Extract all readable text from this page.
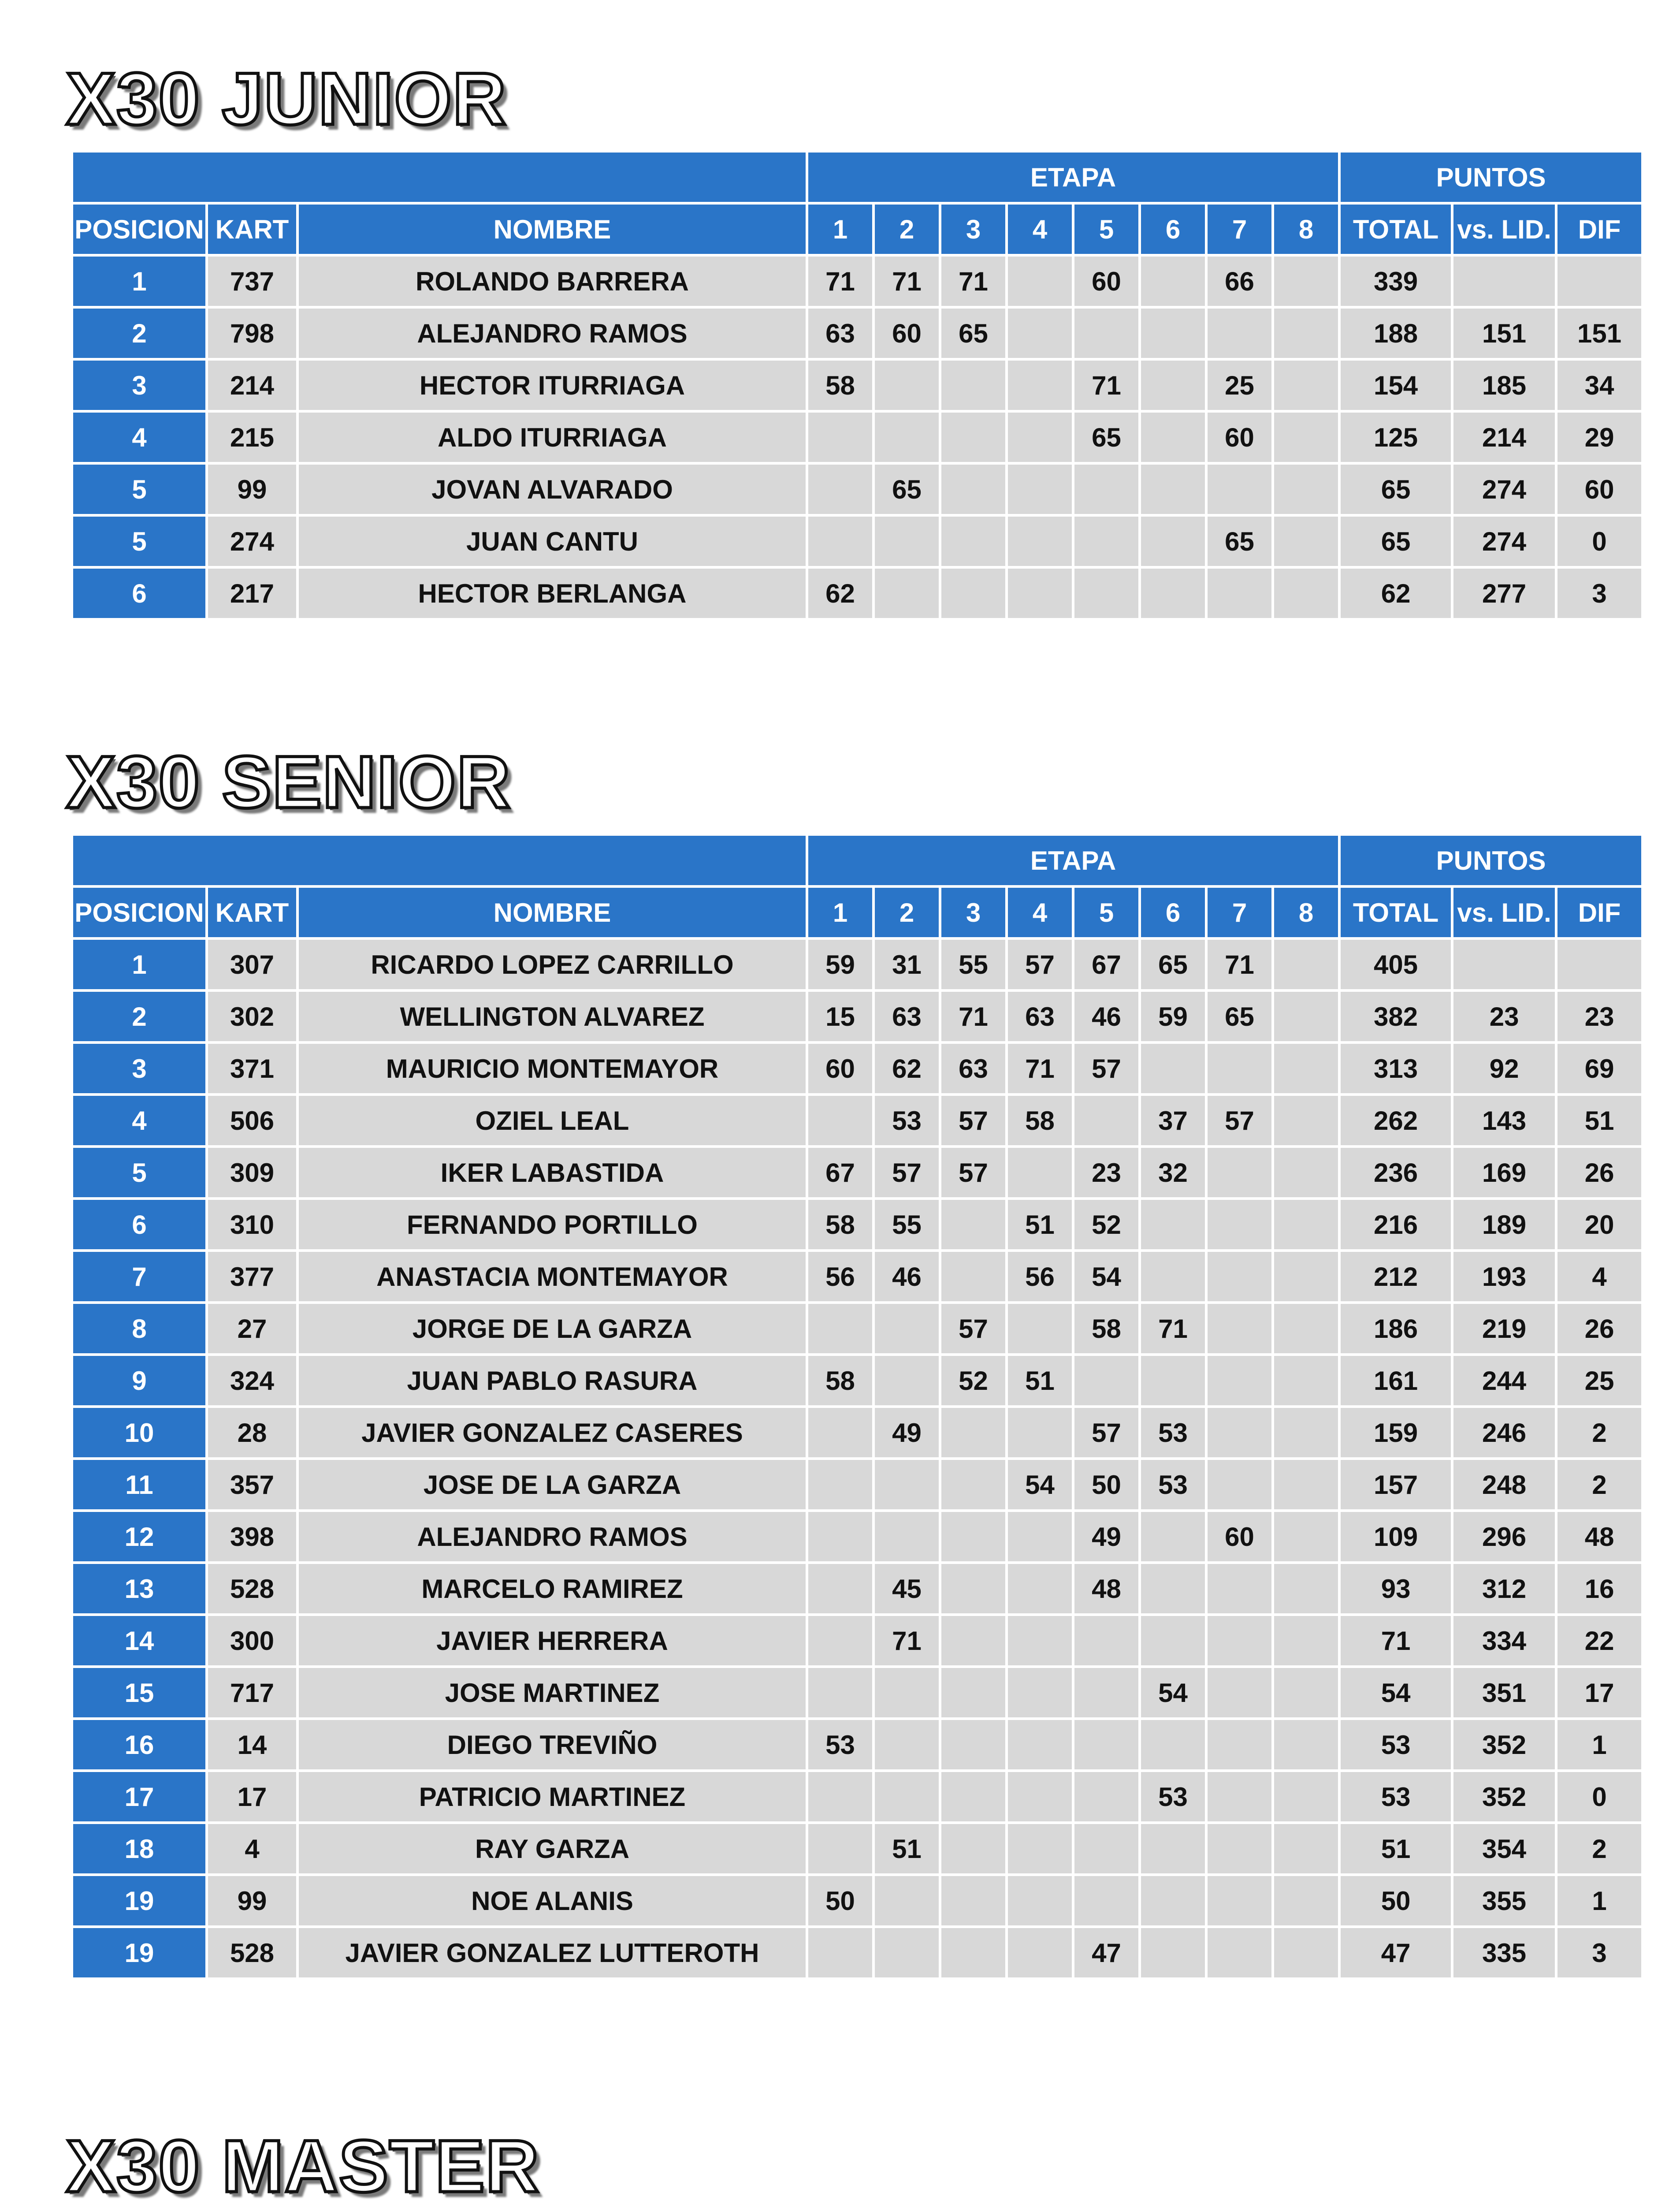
X30 JUNIOR
			ETAPA								PUNTOS		
POSICION	KART	NOMBRE	1	2	3	4	5	6	7	8	TOTAL	vs. LID.	DIF
1	737	ROLANDO BARRERA	71	71	71		60		66		339		
2	798	ALEJANDRO RAMOS	63	60	65						188	151	151
3	214	HECTOR ITURRIAGA	58				71		25		154	185	34
4	215	ALDO ITURRIAGA					65		60		125	214	29
5	99	JOVAN ALVARADO		65							65	274	60
5	274	JUAN CANTU							65		65	274	0
6	217	HECTOR BERLANGA	62								62	277	3
X30 SENIOR
			ETAPA								PUNTOS		
POSICION	KART	NOMBRE	1	2	3	4	5	6	7	8	TOTAL	vs. LID.	DIF
1	307	RICARDO LOPEZ CARRILLO	59	31	55	57	67	65	71		405		
2	302	WELLINGTON ALVAREZ	15	63	71	63	46	59	65		382	23	23
3	371	MAURICIO MONTEMAYOR	60	62	63	71	57				313	92	69
4	506	OZIEL LEAL		53	57	58		37	57		262	143	51
5	309	IKER LABASTIDA	67	57	57		23	32			236	169	26
6	310	FERNANDO PORTILLO	58	55		51	52				216	189	20
7	377	ANASTACIA MONTEMAYOR	56	46		56	54				212	193	4
8	27	JORGE DE LA GARZA			57		58	71			186	219	26
9	324	JUAN PABLO RASURA	58		52	51					161	244	25
10	28	JAVIER GONZALEZ CASERES		49			57	53			159	246	2
11	357	JOSE DE LA GARZA				54	50	53			157	248	2
12	398	ALEJANDRO RAMOS					49		60		109	296	48
13	528	MARCELO RAMIREZ		45			48				93	312	16
14	300	JAVIER HERRERA		71							71	334	22
15	717	JOSE MARTINEZ						54			54	351	17
16	14	DIEGO TREVIÑO	53								53	352	1
17	17	PATRICIO MARTINEZ						53			53	352	0
18	4	RAY GARZA		51							51	354	2
19	99	NOE ALANIS	50								50	355	1
19	528	JAVIER GONZALEZ LUTTEROTH					47				47	335	3
X30 MASTER
